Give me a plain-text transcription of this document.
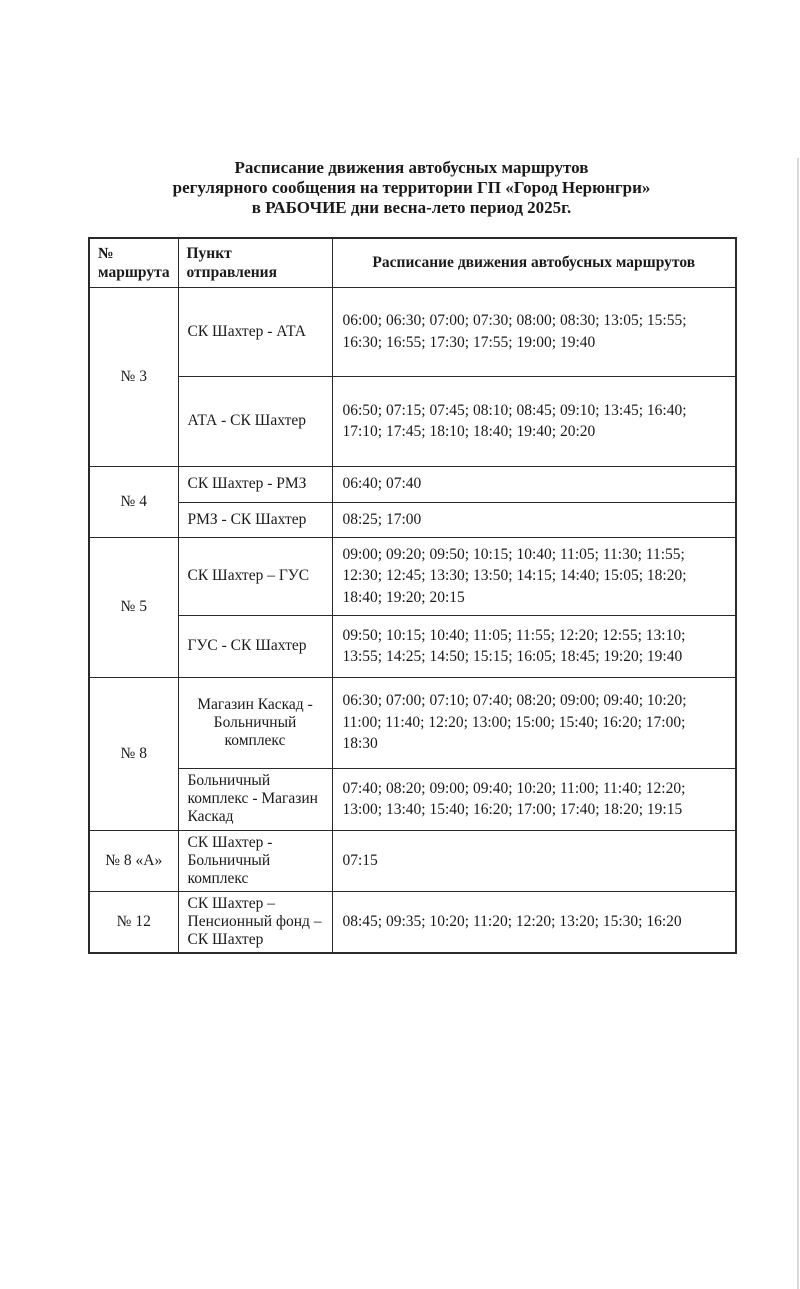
Расписание движения автобусных маршрутов
регулярного сообщения на территории ГП «Город Нерюнгри»
в РАБОЧИЕ дни весна-лето период 2025г.
№ маршрута	Пункт отправления	Расписание движения автобусных маршрутов
№ 3	СК Шахтер - АТА	06:00; 06:30; 07:00; 07:30; 08:00; 08:30; 13:05; 15:55; 16:30; 16:55; 17:30; 17:55; 19:00; 19:40
	АТА - СК Шахтер	06:50; 07:15; 07:45; 08:10; 08:45; 09:10; 13:45; 16:40; 17:10; 17:45; 18:10; 18:40; 19:40; 20:20
№ 4	СК Шахтер - РМЗ	06:40; 07:40
	РМЗ - СК Шахтер	08:25; 17:00
№ 5	СК Шахтер – ГУС	09:00; 09:20; 09:50; 10:15; 10:40; 11:05; 11:30; 11:55; 12:30; 12:45; 13:30; 13:50; 14:15; 14:40; 15:05; 18:20; 18:40; 19:20; 20:15
	ГУС - СК Шахтер	09:50; 10:15; 10:40; 11:05; 11:55; 12:20; 12:55; 13:10; 13:55; 14:25; 14:50; 15:15; 16:05; 18:45; 19:20; 19:40
№ 8	Магазин Каскад - Больничный комплекс	06:30; 07:00; 07:10; 07:40; 08:20; 09:00; 09:40; 10:20; 11:00; 11:40; 12:20; 13:00; 15:00; 15:40; 16:20; 17:00; 18:30
	Больничный комплекс - Магазин Каскад	07:40; 08:20; 09:00; 09:40; 10:20; 11:00; 11:40; 12:20; 13:00; 13:40; 15:40; 16:20; 17:00; 17:40; 18:20; 19:15
№ 8 «А»	СК Шахтер - Больничный комплекс	07:15
№ 12	СК Шахтер – Пенсионный фонд – СК Шахтер	08:45; 09:35; 10:20; 11:20; 12:20; 13:20; 15:30; 16:20
